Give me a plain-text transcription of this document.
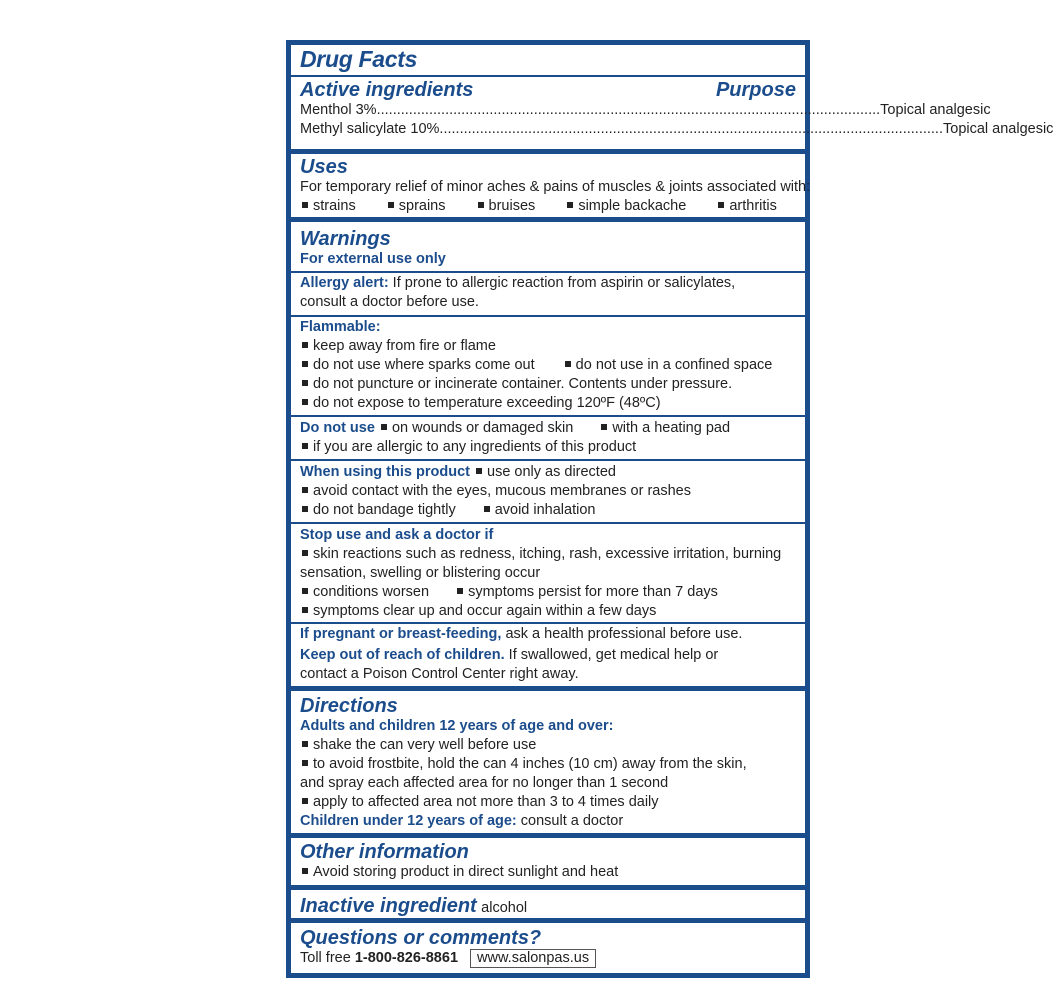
Drug Facts
Active ingredients	Purpose
Menthol 3% ............................................................................................................................. Topical analgesic
Methyl salicylate 10% ............................................................................................................................. Topical analgesic
Uses
For temporary relief of minor aches & pains of muscles & joints associated with:
strains	sprains	bruises	simple backache	arthritis
Warnings
For external use only
Allergy alert: If prone to allergic reaction from aspirin or salicylates,
consult a doctor before use.
Flammable:
keep away from fire or flame
do not use where sparks come out	do not use in a confined space
do not puncture or incinerate container. Contents under pressure.
do not expose to temperature exceeding 120ºF (48ºC)
Do not use on wounds or damaged skin	with a heating pad
if you are allergic to any ingredients of this product
When using this product use only as directed
avoid contact with the eyes, mucous membranes or rashes
do not bandage tightly	avoid inhalation
Stop use and ask a doctor if
skin reactions such as redness, itching, rash, excessive irritation, burning
sensation, swelling or blistering occur
conditions worsen	symptoms persist for more than 7 days
symptoms clear up and occur again within a few days
If pregnant or breast-feeding, ask a health professional before use.
Keep out of reach of children. If swallowed, get medical help or
contact a Poison Control Center right away.
Directions
Adults and children 12 years of age and over:
shake the can very well before use
to avoid frostbite, hold the can 4 inches (10 cm) away from the skin,
and spray each affected area for no longer than 1 second
apply to affected area not more than 3 to 4 times daily
Children under 12 years of age: consult a doctor
Other information
Avoid storing product in direct sunlight and heat
Inactive ingredient alcohol
Questions or comments?
Toll free 1-800-826-8861 www.salonpas.us
